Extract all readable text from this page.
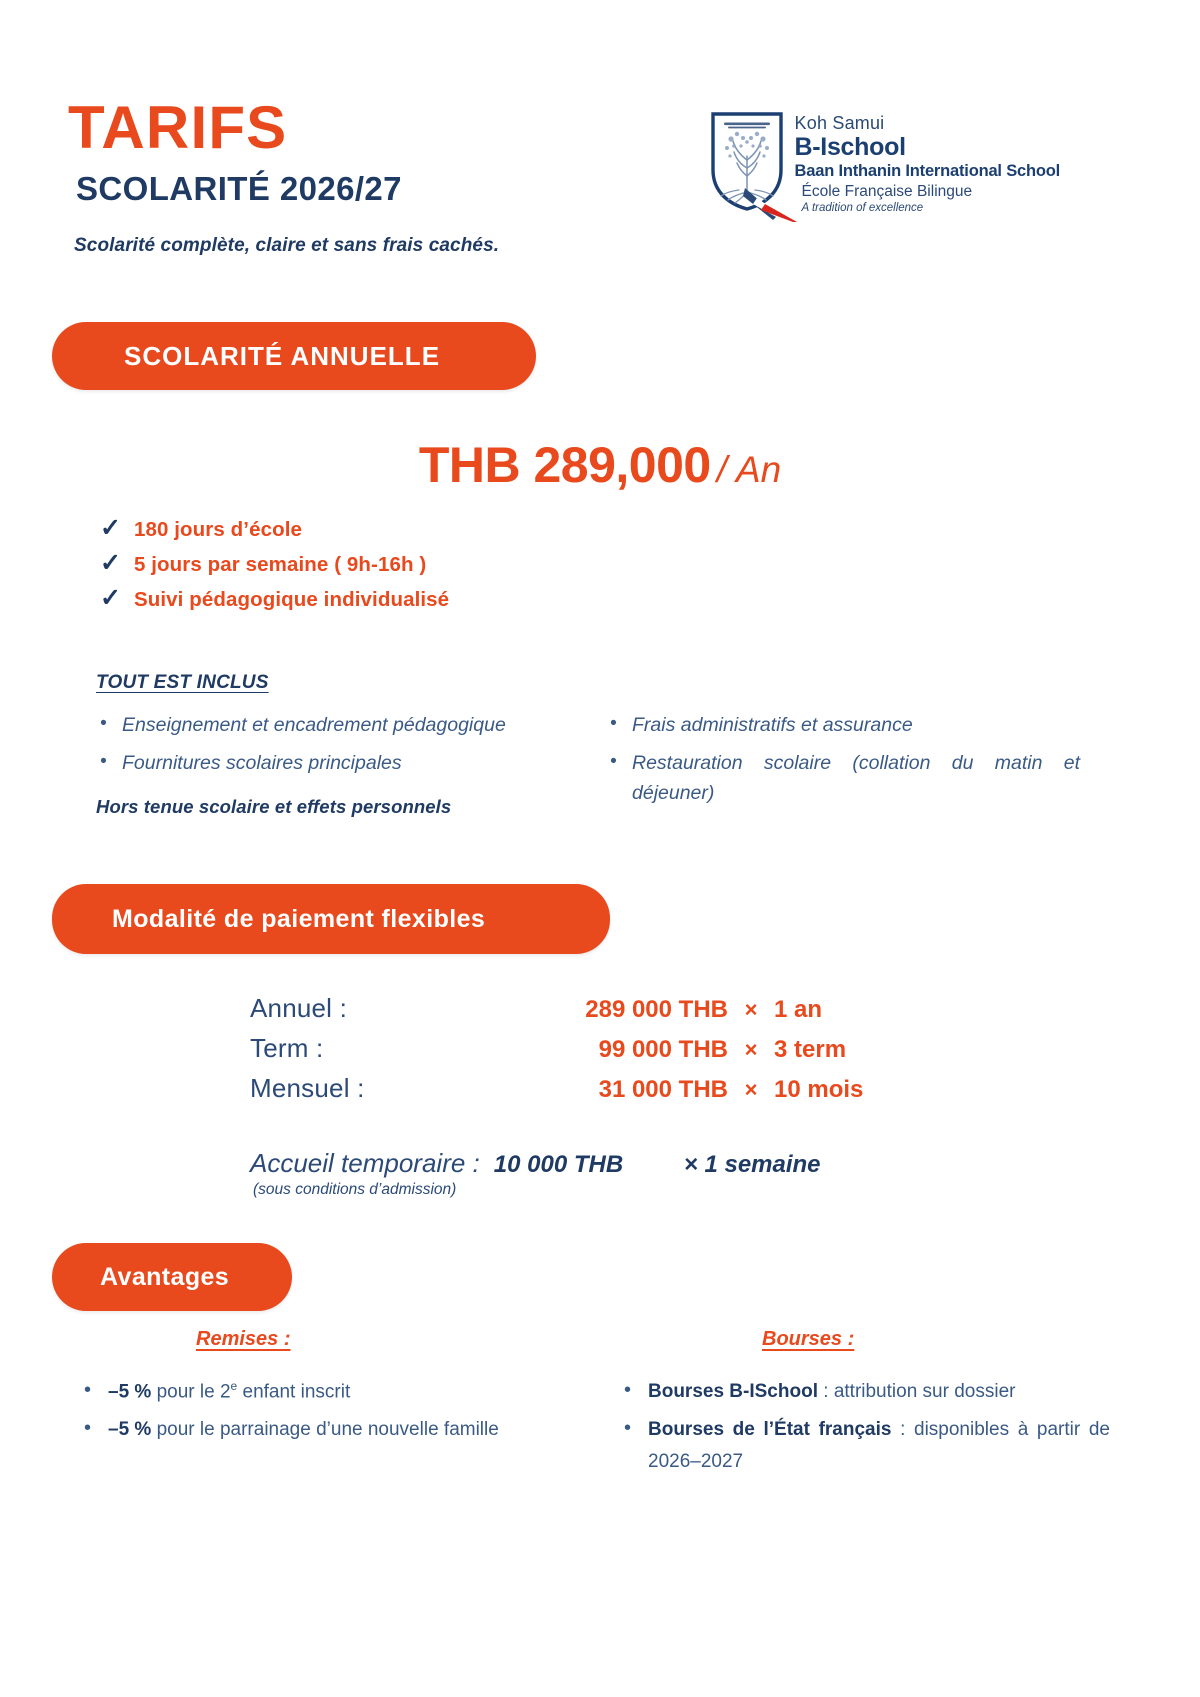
TARIFS
SCOLARITÉ 2026/27
Scolarité complète, claire et sans frais cachés.
Koh Samui
B-Ischool
Baan Inthanin International School
École Française Bilingue
A tradition of excellence
SCOLARITÉ ANNUELLE
THB 289,000 / An
✓ 180 jours d’école
✓ 5 jours par semaine ( 9h-16h )
✓ Suivi pédagogique individualisé
TOUT EST INCLUS
• Enseignement et encadrement pédagogique
• Fournitures scolaires principales
• Frais administratifs et assurance
• Restauration scolaire (collation du matin et déjeuner)
Hors tenue scolaire et effets personnels
Modalité de paiement flexibles
Annuel :	289 000 THB × 1 an
Term :	99 000 THB × 3 term
Mensuel :	31 000 THB × 10 mois
Accueil temporaire : 10 000 THB	× 1 semaine
(sous conditions d’admission)
Avantages
Remises :	Bourses :
• –5 % pour le 2e enfant inscrit
• –5 % pour le parrainage d’une nouvelle famille
• Bourses B-ISchool : attribution sur dossier
• Bourses de l’État français : disponibles à partir de 2026–2027
